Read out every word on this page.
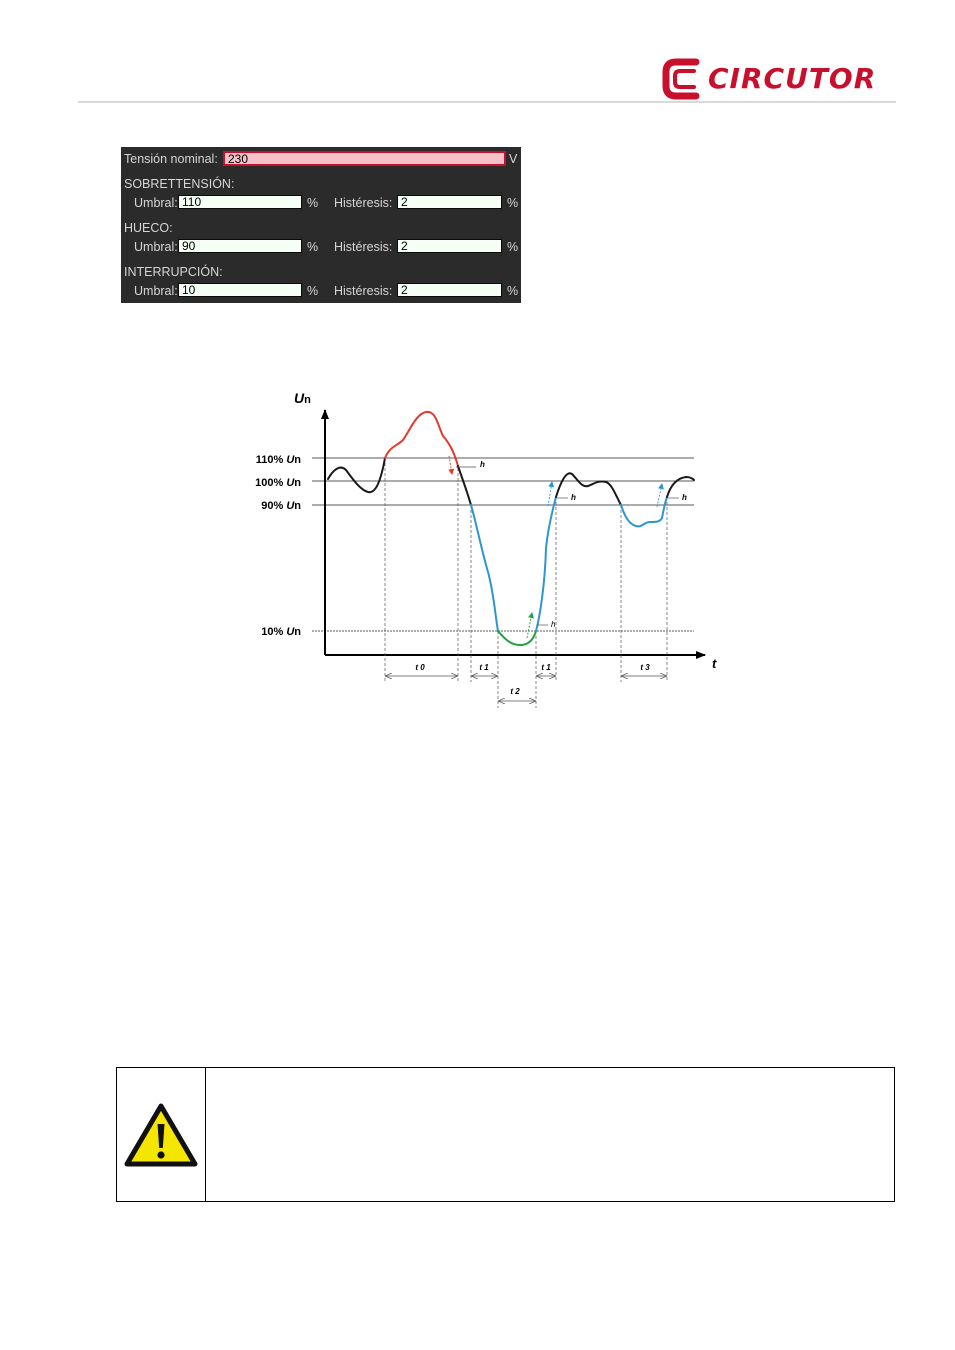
CIRCUTOR
Tensión nominal: 230	V
SOBRETTENSIÓN:
Umbral: 110	% Histéresis: 2	%
HUECO:
Umbral: 90	% Histéresis: 2	%
INTERRUPCIÓN:
Umbral: 10	% Histéresis: 2	%
110% Un
100% Un
90% Un
10% Un
Un
t
h
h
h
h
t 0	t 1	t 1	t 3
t 2
